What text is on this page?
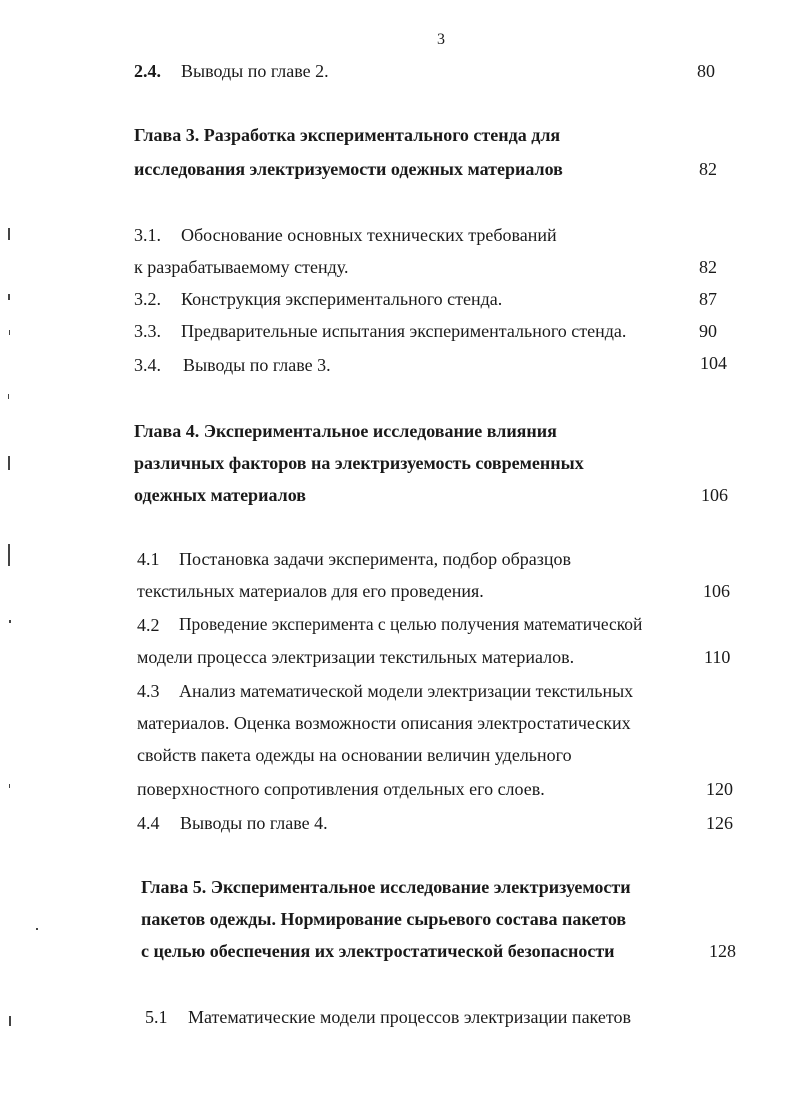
3
2.4. Выводы по главе 2.	80
Глава 3. Разработка экспериментального стенда для
исследования электризуемости одежных материалов	82
3.1. Обоснование основных технических требований
к разрабатываемому стенду.	82
3.2. Конструкция экспериментального стенда.	87
3.3. Предварительные испытания экспериментального стенда.	90
3.4. Выводы по главе 3.	104
Глава 4. Экспериментальное исследование влияния
различных факторов на электризуемость современных
одежных материалов	106
4.1 Постановка задачи эксперимента, подбор образцов
текстильных материалов для его проведения.	106
4.2 Проведение эксперимента с целью получения математической
модели процесса электризации текстильных материалов.	110
4.3 Анализ математической модели электризации текстильных
материалов. Оценка возможности описания электростатических
свойств пакета одежды на основании величин удельного
поверхностного сопротивления отдельных его слоев.	120
4.4 Выводы по главе 4.	126
Глава 5. Экспериментальное исследование электризуемости
пакетов одежды. Нормирование сырьевого состава пакетов
с целью обеспечения их электростатической безопасности	128
5.1 Математические модели процессов электризации пакетов
